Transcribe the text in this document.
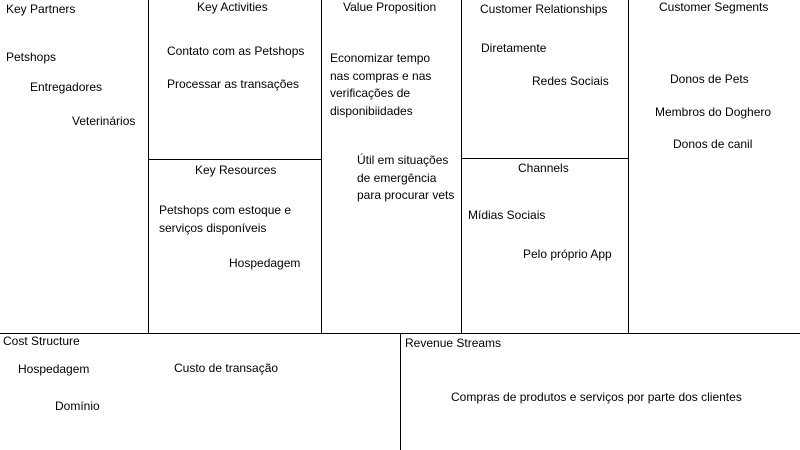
Key Partners
Petshops
Entregadores
Veterinários
Key Activities
Contato com as Petshops
Processar as transações
Key Resources
Petshops com estoque e
serviços disponíveis
Hospedagem
Value Proposition
Economizar tempo
nas compras e nas
verificações de
disponibiidades
Útil em situações
de emergência
para procurar vets
Customer Relationships
Diretamente
Redes Sociais
Channels
Mídias Sociais
Pelo próprio App
Customer Segments
Donos de Pets
Membros do Doghero
Donos de canil
Cost Structure
Hospedagem
Domínio
Custo de transação
Revenue Streams
Compras de produtos e serviços por parte dos clientes
